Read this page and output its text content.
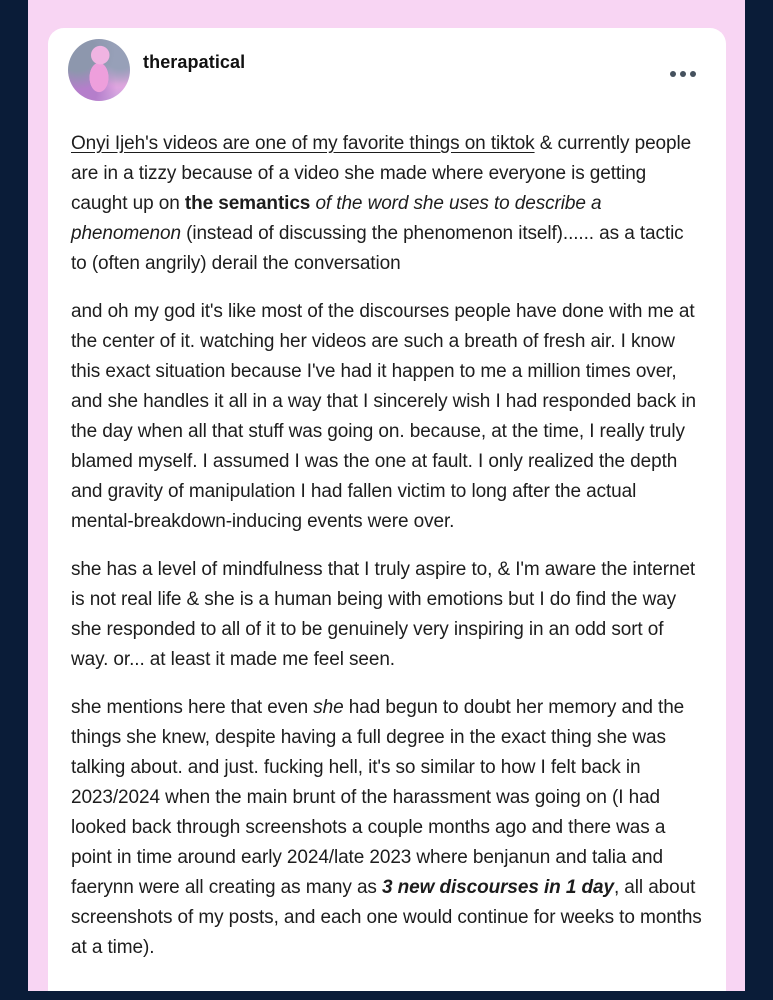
therapatical

Onyi Ijeh's videos are one of my favorite things on tiktok & currently people are in a tizzy because of a video she made where everyone is getting caught up on the semantics of the word she uses to describe a phenomenon (instead of discussing the phenomenon itself)...... as a tactic to (often angrily) derail the conversation

and oh my god it's like most of the discourses people have done with me at the center of it. watching her videos are such a breath of fresh air. I know this exact situation because I've had it happen to me a million times over, and she handles it all in a way that I sincerely wish I had responded back in the day when all that stuff was going on. because, at the time, I really truly blamed myself. I assumed I was the one at fault. I only realized the depth and gravity of manipulation I had fallen victim to long after the actual mental-breakdown-inducing events were over.

she has a level of mindfulness that I truly aspire to, & I'm aware the internet is not real life & she is a human being with emotions but I do find the way she responded to all of it to be genuinely very inspiring in an odd sort of way. or... at least it made me feel seen.

she mentions here that even she had begun to doubt her memory and the things she knew, despite having a full degree in the exact thing she was talking about. and just. fucking hell, it's so similar to how I felt back in 2023/2024 when the main brunt of the harassment was going on (I had looked back through screenshots a couple months ago and there was a point in time around early 2024/late 2023 where benjanun and talia and faerynn were all creating as many as 3 new discourses in 1 day, all about screenshots of my posts, and each one would continue for weeks to months at a time).
